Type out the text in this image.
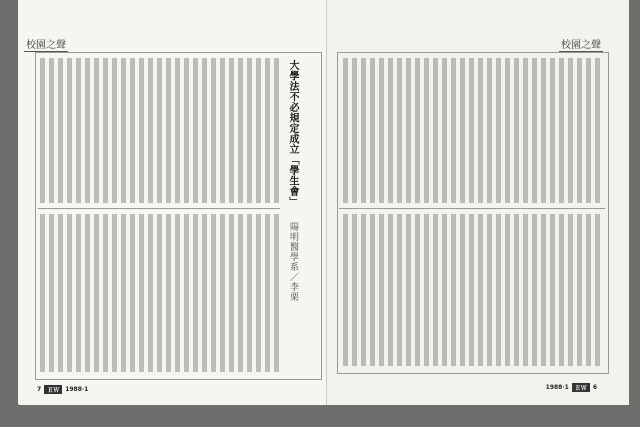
校園之聲
大學法不必規定成立「學生會」
陽明醫學系／李栗
7	ＥＷ	1988·1
校園之聲
1988·1	ＥＷ	6
